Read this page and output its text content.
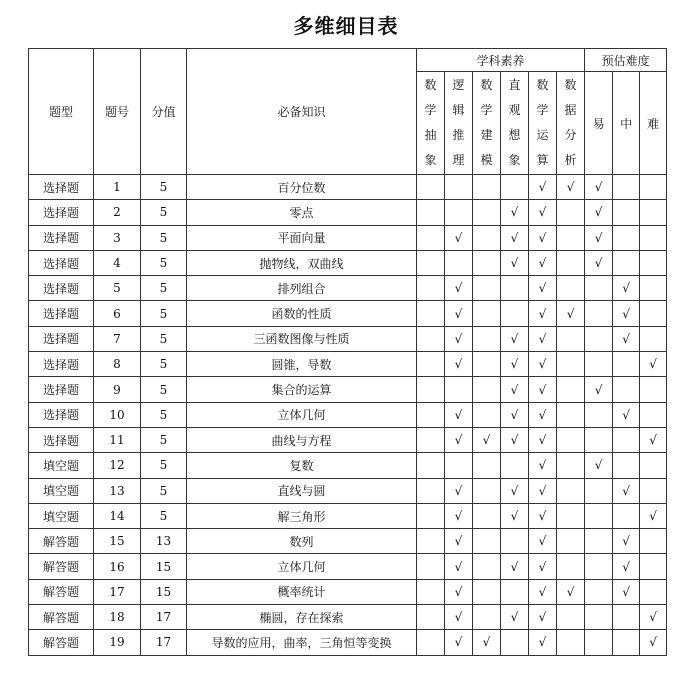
多维细目表
题型	题号	分值	必备知识	学科素养						预估难度		
				数学抽象	逻辑推理	数学建模	直观想象	数学运算	数据分析	易	中	难
选择题	1	5	百分位数					√	√	√		
选择题	2	5	零点				√	√		√		
选择题	3	5	平面向量		√		√	√		√		
选择题	4	5	抛物线，双曲线				√	√		√		
选择题	5	5	排列组合		√			√			√	
选择题	6	5	函数的性质		√			√	√		√	
选择题	7	5	三函数图像与性质		√		√	√			√	
选择题	8	5	圆锥，导数		√		√	√				√
选择题	9	5	集合的运算				√	√		√		
选择题	10	5	立体几何		√		√	√			√	
选择题	11	5	曲线与方程		√	√	√	√				√
填空题	12	5	复数					√		√		
填空题	13	5	直线与圆		√		√	√			√	
填空题	14	5	解三角形		√		√	√				√
解答题	15	13	数列		√			√			√	
解答题	16	15	立体几何		√		√	√			√	
解答题	17	15	概率统计		√			√	√		√	
解答题	18	17	椭圆，存在探索		√		√	√				√
解答题	19	17	导数的应用，曲率，三角恒等变换		√	√		√				√
